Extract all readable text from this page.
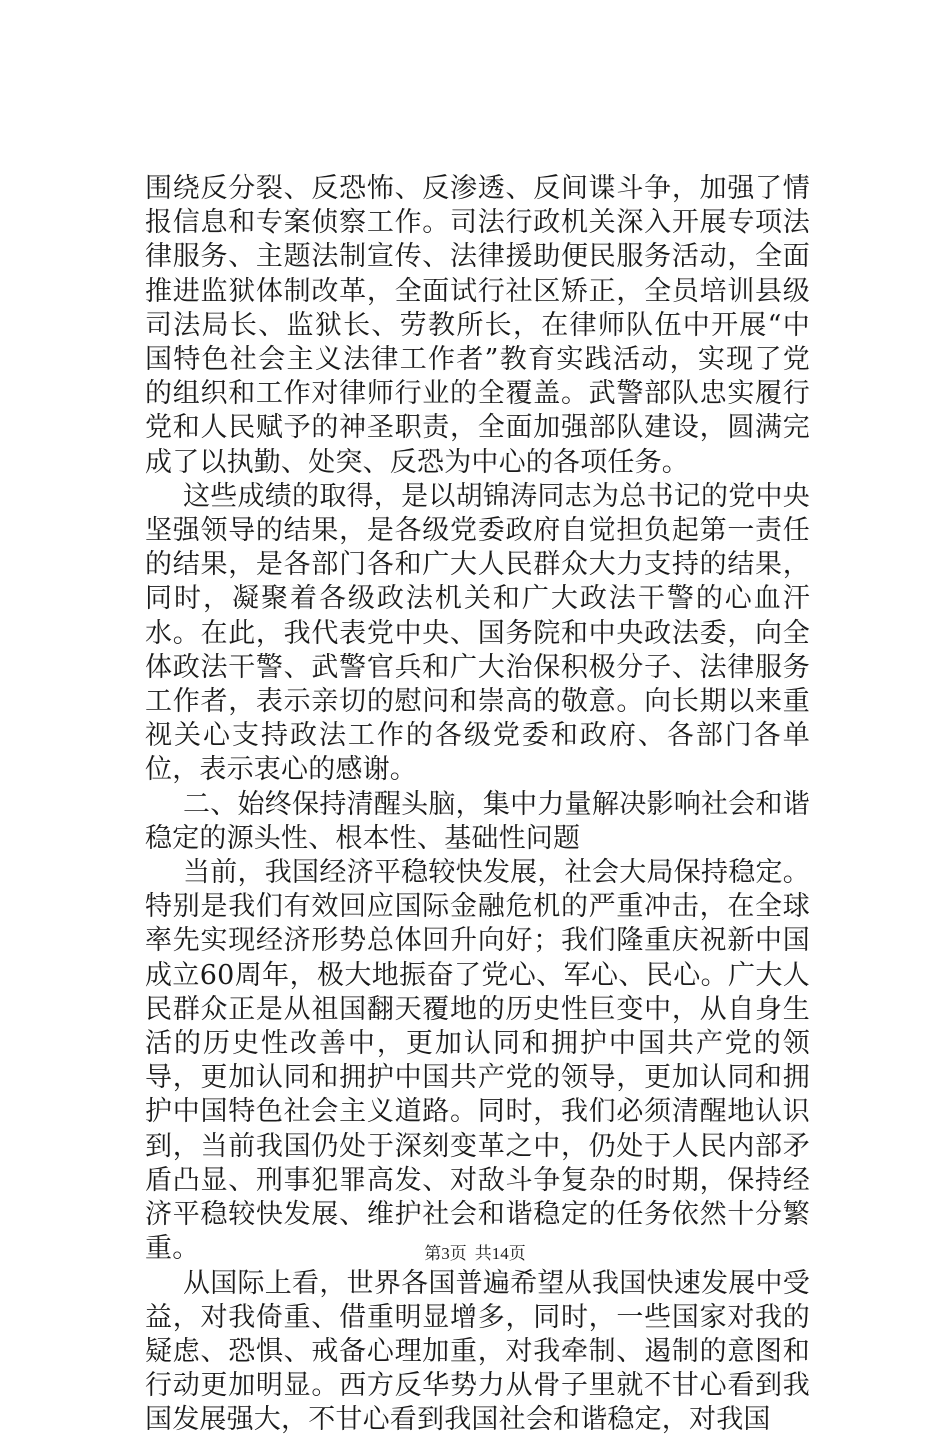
围绕反分裂、反恐怖、反渗透、反间谍斗争，加强了情报信息和专案侦察工作。司法行政机关深入开展专项法律服务、主题法制宣传、法律援助便民服务活动，全面推进监狱体制改革，全面试行社区矫正，全员培训县级司法局长、监狱长、劳教所长，在律师队伍中开展“中国特色社会主义法律工作者”教育实践活动，实现了党的组织和工作对律师行业的全覆盖。武警部队忠实履行党和人民赋予的神圣职责，全面加强部队建设，圆满完成了以执勤、处突、反恐为中心的各项任务。

这些成绩的取得，是以胡锦涛同志为总书记的党中央坚强领导的结果，是各级党委政府自觉担负起第一责任的结果，是各部门各和广大人民群众大力支持的结果，同时，凝聚着各级政法机关和广大政法干警的心血汗水。在此，我代表党中央、国务院和中央政法委，向全体政法干警、武警官兵和广大治保积极分子、法律服务工作者，表示亲切的慰问和崇高的敬意。向长期以来重视关心支持政法工作的各级党委和政府、各部门各单位，表示衷心的感谢。

二、始终保持清醒头脑，集中力量解决影响社会和谐稳定的源头性、根本性、基础性问题

当前，我国经济平稳较快发展，社会大局保持稳定。特别是我们有效回应国际金融危机的严重冲击，在全球率先实现经济形势总体回升向好；我们隆重庆祝新中国成立60周年，极大地振奋了党心、军心、民心。广大人民群众正是从祖国翻天覆地的历史性巨变中，从自身生活的历史性改善中，更加认同和拥护中国共产党的领导，更加认同和拥护中国共产党的领导，更加认同和拥护中国特色社会主义道路。同时，我们必须清醒地认识到，当前我国仍处于深刻变革之中，仍处于人民内部矛盾凸显、刑事犯罪高发、对敌斗争复杂的时期，保持经济平稳较快发展、维护社会和谐稳定的任务依然十分繁重。

从国际上看，世界各国普遍希望从我国快速发展中受益，对我倚重、借重明显增多，同时，一些国家对我的疑虑、恐惧、戒备心理加重，对我牵制、遏制的意图和行动更加明显。西方反华势力从骨子里就不甘心看到我国发展强大，不甘心看到我国社会和谐稳定，对我国

第3页 共14页
